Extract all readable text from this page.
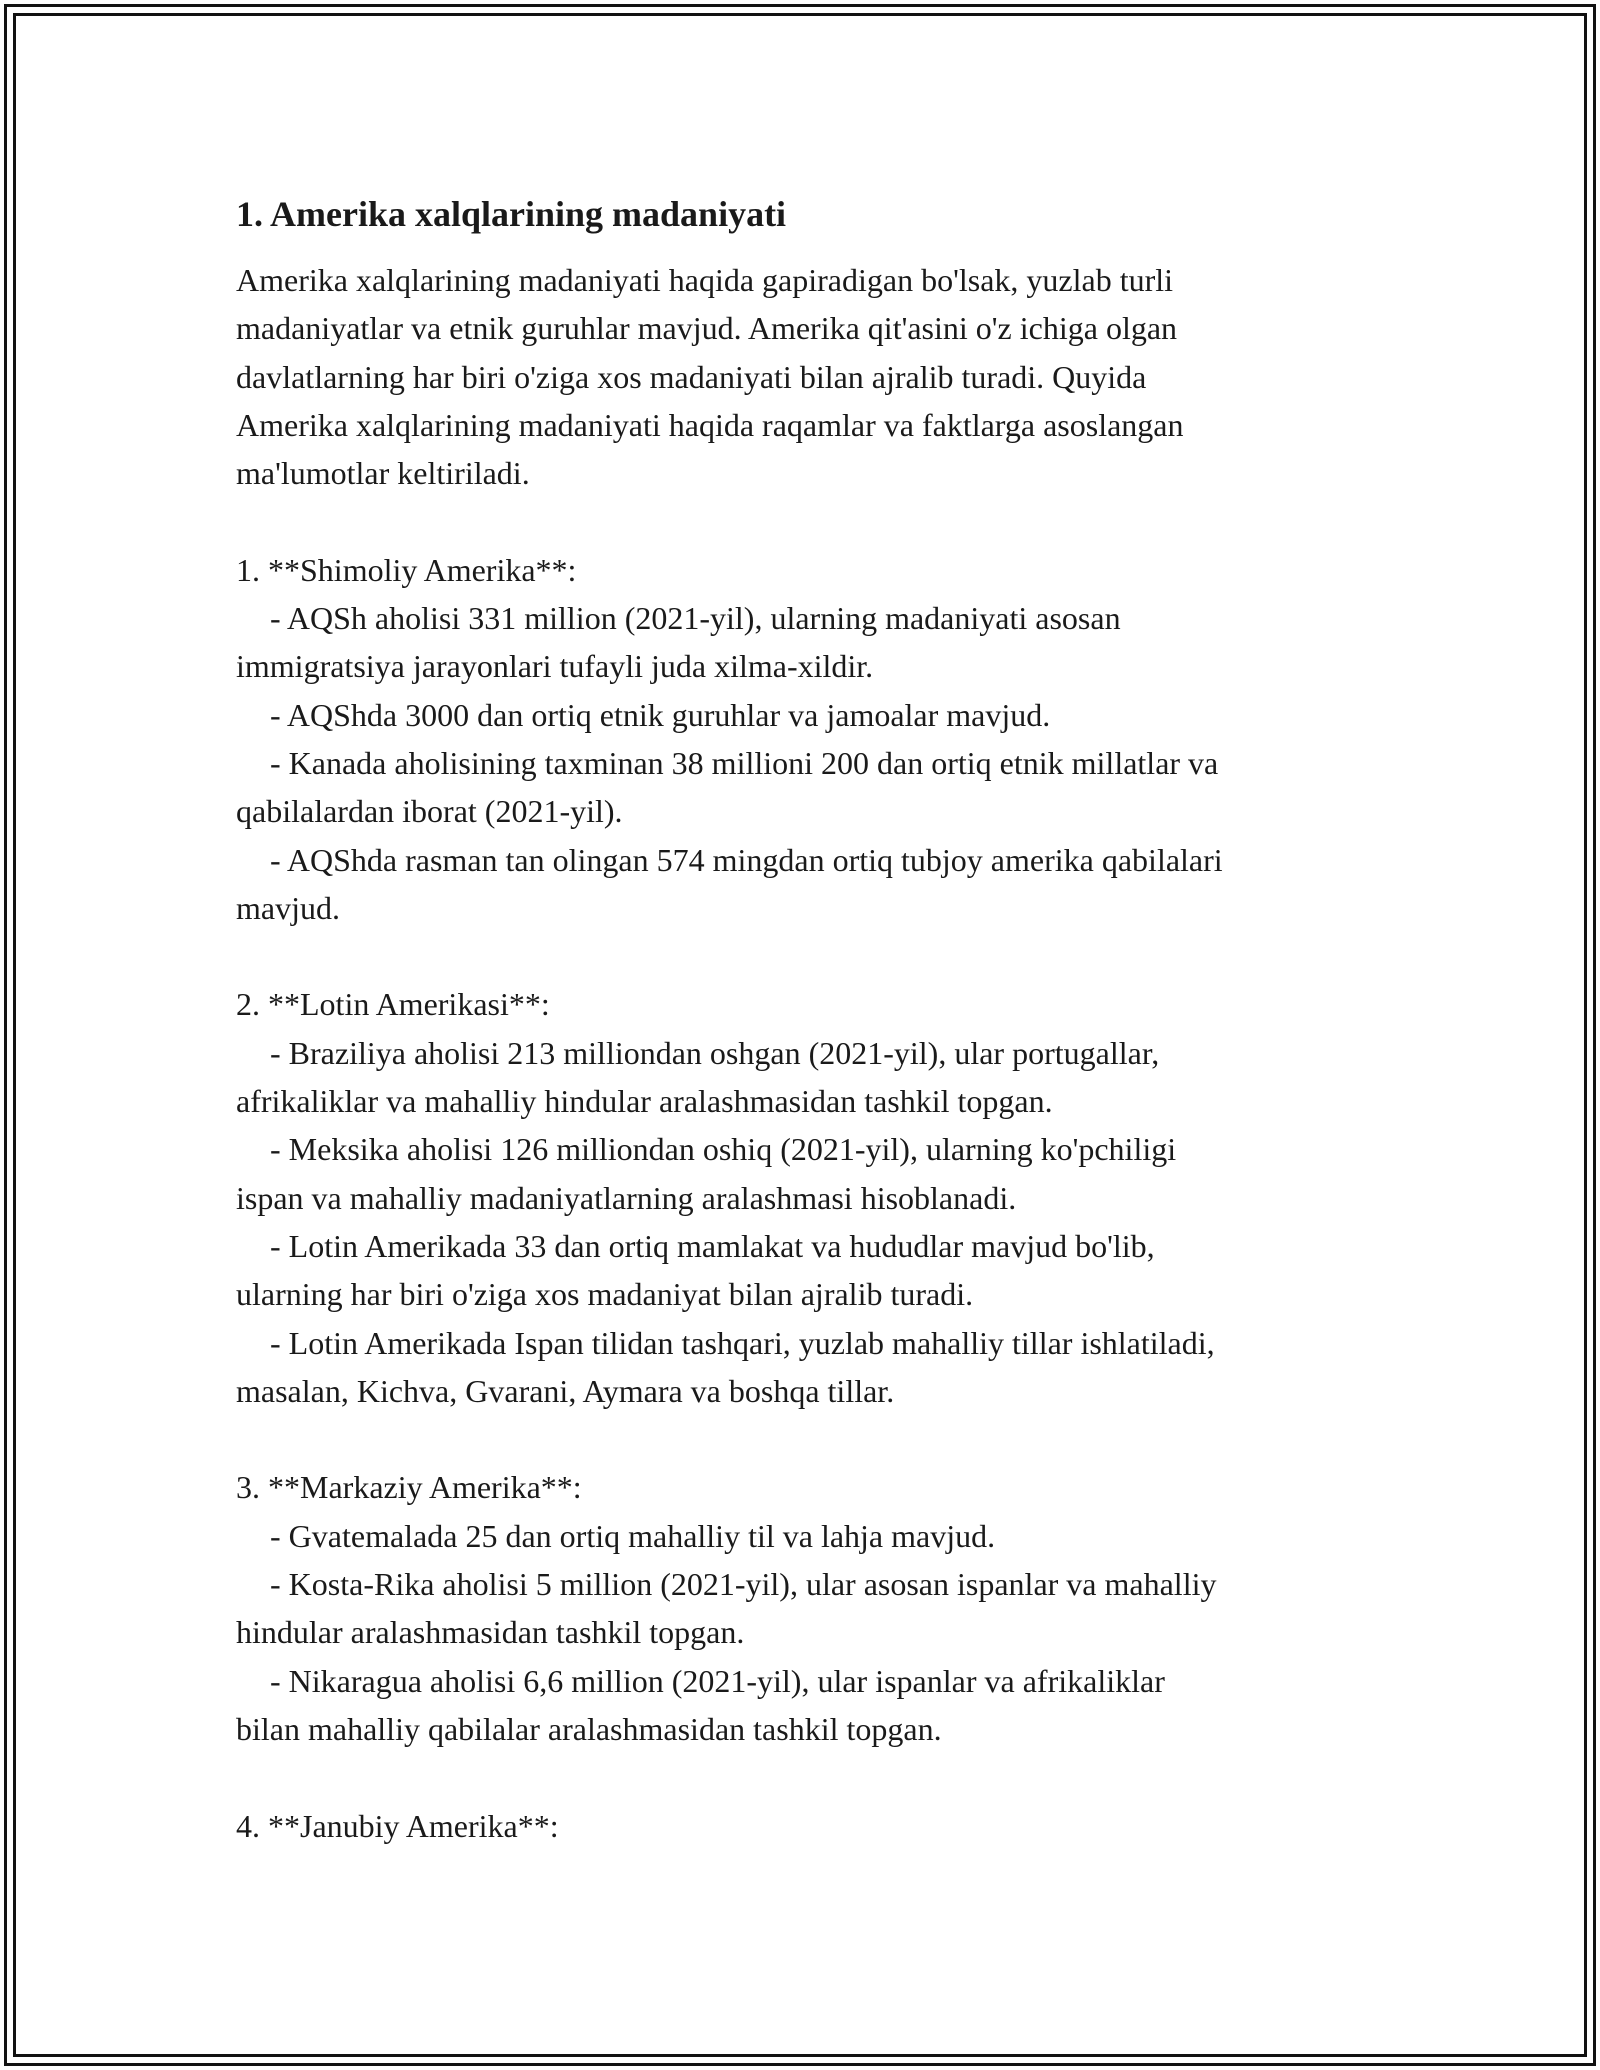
1. Amerika xalqlarining madaniyati
Amerika xalqlarining madaniyati haqida gapiradigan bo'lsak, yuzlab turli
madaniyatlar va etnik guruhlar mavjud. Amerika qit'asini o'z ichiga olgan
davlatlarning har biri o'ziga xos madaniyati bilan ajralib turadi. Quyida
Amerika xalqlarining madaniyati haqida raqamlar va faktlarga asoslangan
ma'lumotlar keltiriladi.
1. **Shimoliy Amerika**:
- AQSh aholisi 331 million (2021-yil), ularning madaniyati asosan
immigratsiya jarayonlari tufayli juda xilma-xildir.
- AQShda 3000 dan ortiq etnik guruhlar va jamoalar mavjud.
- Kanada aholisining taxminan 38 millioni 200 dan ortiq etnik millatlar va
qabilalardan iborat (2021-yil).
- AQShda rasman tan olingan 574 mingdan ortiq tubjoy amerika qabilalari
mavjud.
2. **Lotin Amerikasi**:
- Braziliya aholisi 213 milliondan oshgan (2021-yil), ular portugallar,
afrikaliklar va mahalliy hindular aralashmasidan tashkil topgan.
- Meksika aholisi 126 milliondan oshiq (2021-yil), ularning ko'pchiligi
ispan va mahalliy madaniyatlarning aralashmasi hisoblanadi.
- Lotin Amerikada 33 dan ortiq mamlakat va hududlar mavjud bo'lib,
ularning har biri o'ziga xos madaniyat bilan ajralib turadi.
- Lotin Amerikada Ispan tilidan tashqari, yuzlab mahalliy tillar ishlatiladi,
masalan, Kichva, Gvarani, Aymara va boshqa tillar.
3. **Markaziy Amerika**:
- Gvatemalada 25 dan ortiq mahalliy til va lahja mavjud.
- Kosta-Rika aholisi 5 million (2021-yil), ular asosan ispanlar va mahalliy
hindular aralashmasidan tashkil topgan.
- Nikaragua aholisi 6,6 million (2021-yil), ular ispanlar va afrikaliklar
bilan mahalliy qabilalar aralashmasidan tashkil topgan.
4. **Janubiy Amerika**:
